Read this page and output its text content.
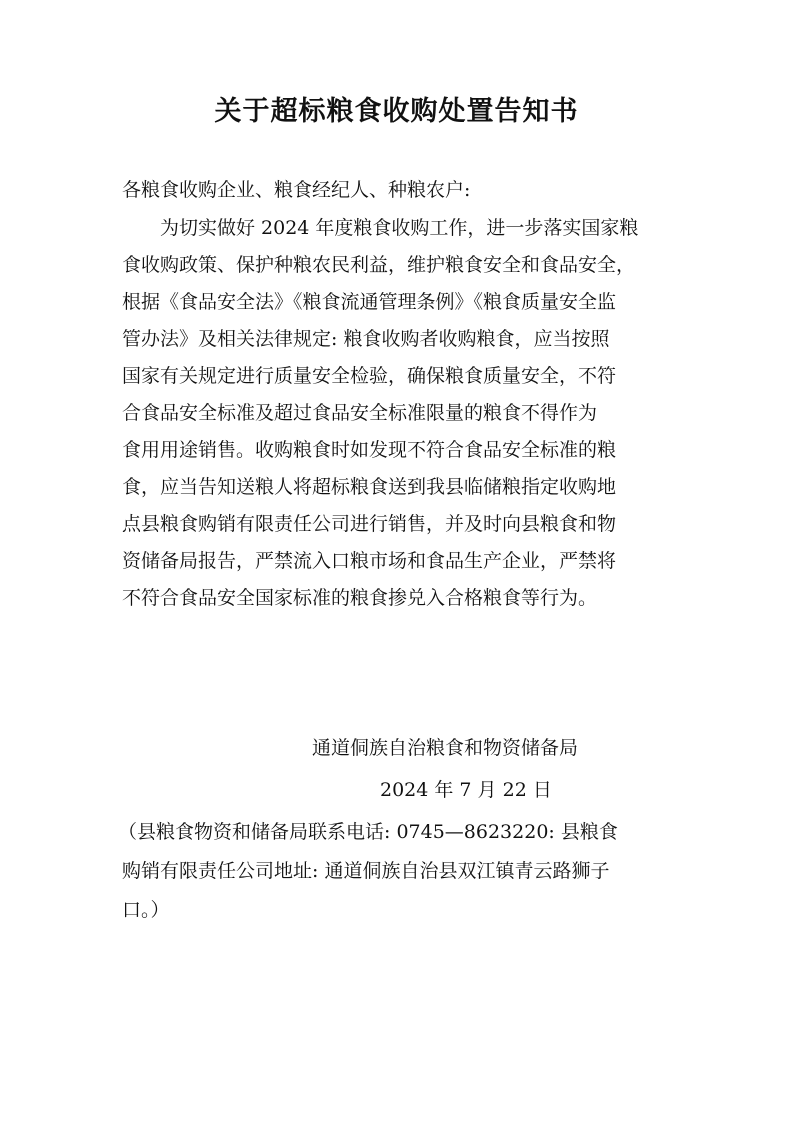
关于超标粮食收购处置告知书
各粮食收购企业、粮食经纪人、种粮农户:
为切实做好 2024 年度粮食收购工作，进一步落实国家粮
食收购政策、保护种粮农民利益，维护粮食安全和食品安全，
根据《食品安全法》《粮食流通管理条例》《粮食质量安全监
管办法》及相关法律规定: 粮食收购者收购粮食，应当按照
国家有关规定进行质量安全检验，确保粮食质量安全，不符
合食品安全标准及超过食品安全标准限量的粮食不得作为
食用用途销售。收购粮食时如发现不符合食品安全标准的粮
食，应当告知送粮人将超标粮食送到我县临储粮指定收购地
点县粮食购销有限责任公司进行销售，并及时向县粮食和物
资储备局报告，严禁流入口粮市场和食品生产企业，严禁将
不符合食品安全国家标准的粮食掺兑入合格粮食等行为。
通道侗族自治粮食和物资储备局
2024 年 7 月 22 日
（县粮食物资和储备局联系电话: 0745—8623220: 县粮食
购销有限责任公司地址: 通道侗族自治县双江镇青云路狮子
口。）
